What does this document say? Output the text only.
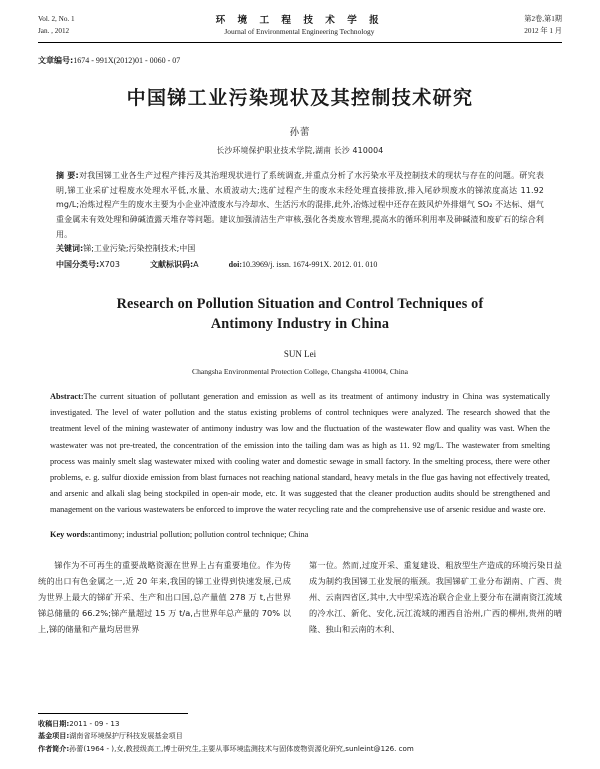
Vol. 2, No. 1
Jan. , 2012
环 境 工 程 技 术 学 报
Journal of Environmental Engineering Technology
第2卷,第1期
2012 年 1 月
文章编号:1674 - 991X(2012)01 - 0060 - 07
中国锑工业污染现状及其控制技术研究
孙蕾
长沙环境保护职业技术学院,湖南 长沙 410004
摘 要:对我国锑工业各生产过程产排污及其治理现状进行了系统调查,并重点分析了水污染水平及控制技术的现状与存在的问题。研究表明,锑工业采矿过程废水处理水平低,水量、水质波动大;选矿过程产生的废水未经处理直接排放,排入尾砂坝废水的锑浓度高达 11.92 mg/L;冶炼过程产生的废水主要为小企业冲渣废水与冷却水、生活污水的混排,此外,冶炼过程中还存在鼓风炉外排烟气 SO₂ 不达标、烟气重金属未有效处理和砷碱渣露天堆存等问题。建议加强清洁生产审核,强化各类废水管理,提高水的循环利用率及砷碱渣和废矿石的综合利用。
关键词:锑;工业污染;污染控制技术;中国
中国分类号:X703	文献标识码:A	doi:10.3969/j. issn. 1674-991X. 2012. 01. 010
Research on Pollution Situation and Control Techniques of
Antimony Industry in China
SUN Lei
Changsha Environmental Protection College, Changsha 410004, China
Abstract:The current situation of pollutant generation and emission as well as its treatment of antimony industry in China was systematically investigated. The level of water pollution and the status existing problems of control techniques were analyzed. The research showed that the treatment level of the mining wastewater of antimony industry was low and the fluctuation of the wastewater flow and quality was vast. When the wastewater was not pre-treated, the concentration of the emission into the tailing dam was as high as 11. 92 mg/L. The wastewater from smelting process was mainly smelt slag wastewater mixed with cooling water and domestic sewage in small factory. In the smelting process, there were other problems, e. g. sulfur dioxide emission from blast furnaces not reaching national standard, heavy metals in the flue gas having not effectively treated, and arsenic and alkali slag being stockpiled in open-air mode, etc. It was suggested that the cleaner production audits should be strengthened and management on the various wastewaters be enforced to improve the water recycling rate and the comprehensive use of arsenic residue and waste ore.
Key words:antimony; industrial pollution; pollution control technique; China

锑作为不可再生的重要战略资源在世界上占有重要地位。作为传统的出口有色金属之一,近 20 年来,我国的锑工业得到快速发展,已成为世界上最大的锑矿开采、生产和出口国,总产量值 278 万 t,占世界锑总储量的 66.2%;锑产量超过 15 万 t/a,占世界年总产量的 70% 以上,锑的储量和产量均居世界

第一位。然而,过度开采、重复建设、粗放型生产造成的环境污染日益成为制约我国锑工业发展的瓶颈。我国锑矿工业分布湖南、广西、贵州、云南四省区,其中,大中型采选冶联合企业上要分布在湖南资江流域的冷水江、新化、安化,沅江流域的湘西自治州,广西的柳州,贵州的晴隆、独山和云南的木利、

收稿日期:2011 - 09 - 13
基金项目:湖南省环境保护厅科技发展基金项目
作者简介:孙蕾(1964 - ),女,教授级高工,博士研究生,主要从事环境监测技术与固体废物资源化研究,sunleint@126. com
